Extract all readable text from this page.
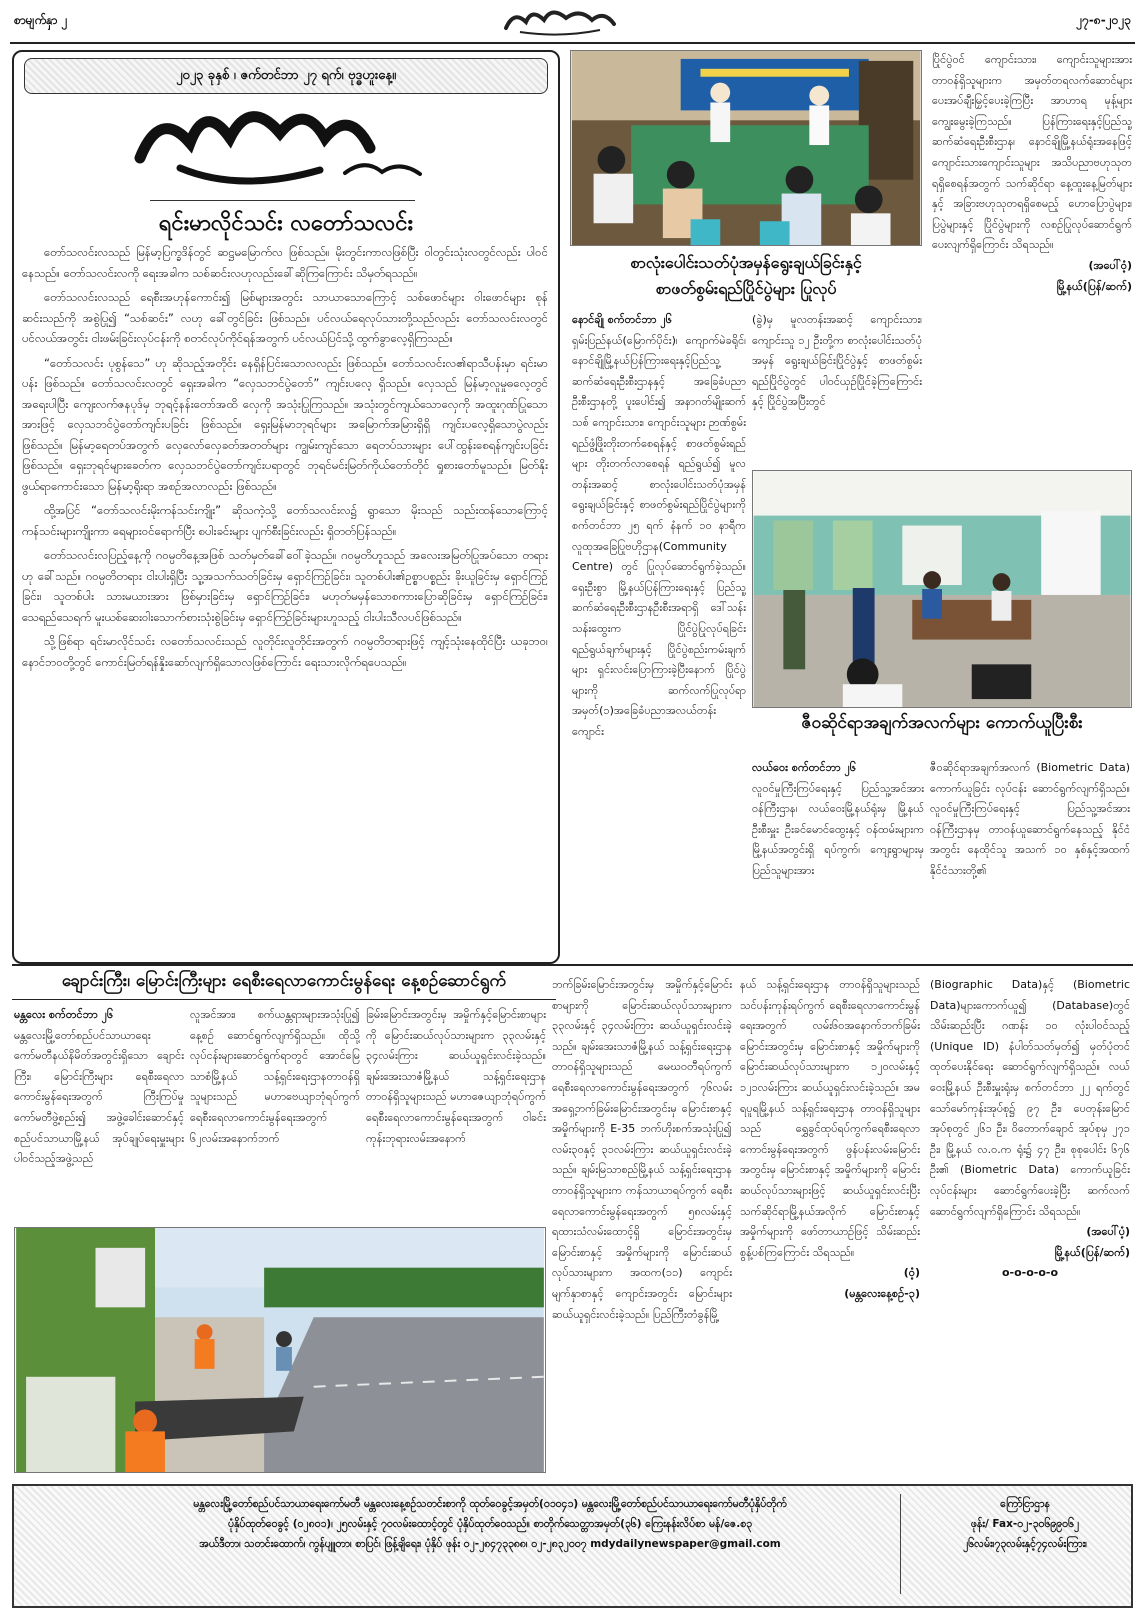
စာမျက်နှာ ၂	၂၇-၈-၂၀၂၃
၂၀၂၃ ခုနှစ် ၊ ဇက်တင်ဘာ ၂၇ ရက်၊ ဗုဒ္ဓဟူးနေ့။
ရင်းမာလိုင်သင်း လတော်သလင်း

တော်သလင်းလသည် မြန်မာ့ပြက္ခဒိန်တွင် ဆဋ္ဌမမြောက်လ ဖြစ်သည်။ မိုးတွင်းကာလဖြစ်ပြီး ဝါတွင်းသုံးလတွင်လည်း ပါဝင်နေသည်။ တော်သလင်းလကို ရေးအခါက သစ်ဆင်းလဟုလည်းခေါ်ဆိုကြကြောင်း သိမှတ်ရသည်။

တော်သလင်းလသည် ရေစီးအဟုန်ကောင်း၍ မြစ်များအတွင်း သာယာသောကြောင့် သစ်ဖောင်များ ဝါးဖောင်များ စုန်ဆင်းသည်ကို အစွဲပြု၍ “သစ်ဆင်း” လဟု ခေါ်တွင်ခြင်း ဖြစ်သည်။ ပင်လယ်ရေလုပ်သားတို့သည်လည်း တော်သလင်းလတွင် ပင်လယ်အတွင်း ငါးဖမ်းခြင်းလုပ်ငန်းကို စတင်လုပ်ကိုင်ရန်အတွက် ပင်လယ်ပြင်သို့ ထွက်ခွာလေ့ရှိကြသည်။

“တော်သလင်း ပုစွန်သေ” ဟု ဆိုသည့်အတိုင်း နေရှိန်ပြင်းသောလလည်း ဖြစ်သည်။ တော်သလင်းလ၏ရာသီပန်းမှာ ရင်းမာပန်း ဖြစ်သည်။ တော်သလင်းလတွင် ရှေးအခါက “လှေသဘင်ပွဲတော်” ကျင်းပလေ့ ရှိသည်။ လှေသည် မြန်မာ့လူမှုဓလေ့တွင် အရေးပါပြီး ကျေးလက်ဇနပုဒ်မှ ဘုရင့်နန်းတော်အထိ လှေကို အသုံးပြုကြသည်။ အသုံးတွင်ကျယ်သောလှေကို အထူးဂုဏ်ပြုသောအားဖြင့် လှေသဘင်ပွဲတော်ကျင်းပခြင်း ဖြစ်သည်။ ရှေးမြန်မာဘုရင်များ အမြောက်အမြားရှိရှိ ကျင်းပလေ့ရှိသောပွဲလည်း ဖြစ်သည်။ မြန်မာ့ရေတပ်အတွက် လှေလော်လှေခတ်အတတ်များ ကျွမ်းကျင်သော ရေတပ်သားများ ပေါ်ထွန်းစေရန်ကျင်းပခြင်း ဖြစ်သည်။ ရှေးဘုရင်များခေတ်က လှေသဘင်ပွဲတော်ကျင်းပရာတွင် ဘုရင်မင်းမြတ်ကိုယ်တော်တိုင် ရှုစားတော်မူသည်။ မြတ်နိုးဖွယ်ရာကောင်းသော မြန်မာ့ရိုးရာ အစဉ်အလာလည်း ဖြစ်သည်။

ထို့အပြင် “တော်သလင်းမိုးကန်သင်းကျိုး” ဆိုသကဲ့သို့ တော်သလင်းလ၌ ရွာသော မိုးသည် သည်းထန်သောကြောင့် ကန်သင်းများကျိုးကာ ရေများဝင်ရောက်ပြီး စပါးခင်းများ ပျက်စီးခြင်းလည်း ရှိတတ်ပြန်သည်။

တော်သလင်းလပြည့်နေ့ကို ဂဝမ္ပတိနေ့အဖြစ် သတ်မှတ်ခေါ်ဝေါ်ခဲ့သည်။ ဂဝမ္ပတိဟူသည် အလေးအမြတ်ပြုအပ်သော တရားဟု ခေါ်သည်။ ဂဝမ္ပတိတရား ငါးပါးရှိပြီး သူ့အသက်သတ်ခြင်းမှ ရှောင်ကြဉ်ခြင်း၊ သူတစ်ပါး၏ဥစ္စာပစ္စည်း ခိုးယူခြင်းမှ ရှောင်ကြဉ်ခြင်း၊ သူတစ်ပါး သားမယားအား ဖြစ်မှားခြင်းမှ ရှောင်ကြဉ်ခြင်း၊ မဟုတ်မမှန်သောစကားပြောဆိုခြင်းမှ ရှောင်ကြဉ်ခြင်း၊ သေရည်သေရက် မူးယစ်ဆေးဝါးသောက်စားသုံးစွဲခြင်းမှ ရှောင်ကြဉ်ခြင်းများဟူသည့် ငါးပါးသီလပင်ဖြစ်သည်။

သို့ဖြစ်ရာ ရင်းမာလိုင်သင်း လတော်သလင်းသည် လူတိုင်းလူတိုင်းအတွက် ဂဝမ္ပတိတရားဖြင့် ကျင့်သုံးနေထိုင်ပြီး ယခုဘဝ၊ နောင်ဘဝတို့တွင် ကောင်းမြတ်ရန်နှိုးဆော်လျက်ရှိသောလဖြစ်ကြောင်း ရေးသားလိုက်ရပေသည်။

စာလုံးပေါင်းသတ်ပုံအမှန်ရွေးချယ်ခြင်းနှင့်
စာဖတ်စွမ်းရည်ပြိုင်ပွဲများ ပြုလုပ်
နောင်ချို စက်တင်ဘာ ၂၆
ရှမ်းပြည်နယ်(မြောက်ပိုင်း)၊ ကျောက်မဲခရိုင်၊ နောင်ချိုမြို့နယ်ပြန်ကြားရေးနှင့်ပြည်သူ့ဆက်ဆံရေးဦးစီးဌာနနှင့် အခြေခံပညာဦးစီးဌာနတို့ ပူးပေါင်း၍ အနာဂတ်မျိုးဆက်သစ် ကျောင်းသား၊ ကျောင်းသူများ ဉာဏ်စွမ်းရည်ဖွံ့ဖြိုးတိုးတက်စေရန်နှင့် စာဖတ်စွမ်းရည်များ တိုးတက်လာစေရန် ရည်ရွယ်၍ မူလတန်းအဆင့် စာလုံးပေါင်းသတ်ပုံအမှန်ရွေးချယ်ခြင်းနှင့် စာဖတ်စွမ်းရည်ပြိုင်ပွဲများကို စက်တင်ဘာ ၂၅ ရက် နံနက် ၁၀ နာရီက လူထုအခြေပြုဗဟိုဌာန(Community Centre) တွင် ပြုလုပ်ဆောင်ရွက်ခဲ့သည်။ ရှေးဦးစွာ မြို့နယ်ပြန်ကြားရေးနှင့် ပြည်သူ့ဆက်ဆံရေးဦးစီးဌာနဦးစီးအရာရှိ ဒေါ်သန်းသန်းထွေးက ပြိုင်ပွဲပြုလုပ်ရခြင်း ရည်ရွယ်ချက်များနှင့် ပြိုင်ပွဲစည်းကမ်းချက်များ ရှင်းလင်းပြောကြားခဲ့ပြီးနောက် ပြိုင်ပွဲများကို ဆက်လက်ပြုလုပ်ရာ အမှတ်(၁)အခြေခံပညာအလယ်တန်းကျောင်း
(ခွဲ)မှ မူလတန်းအဆင့် ကျောင်းသား၊ ကျောင်းသူ ၁၂ ဦးတို့က စာလုံးပေါင်းသတ်ပုံအမှန် ရွေးချယ်ခြင်းပြိုင်ပွဲနှင့် စာဖတ်စွမ်းရည်ပြိုင်ပွဲတွင် ပါဝင်ယှဉ်ပြိုင်ခဲ့ကြကြောင်းနှင့် ပြိုင်ပွဲအပြီးတွင်
ပြိုင်ပွဲဝင် ကျောင်းသား၊ ကျောင်းသူများအား တာဝန်ရှိသူများက အမှတ်တရလက်ဆောင်များ ပေးအပ်ချီးမြှင့်ပေးခဲ့ကြပြီး အာဟာရ မုန့်များ ကျွေးမွေးခဲ့ကြသည်။ ပြန်ကြားရေးနှင့်ပြည်သူ့ဆက်ဆံရေးဦးစီးဌာန၊ နောင်ချိုမြို့နယ်ရုံးအနေဖြင့် ကျောင်းသားကျောင်းသူများ အသိပညာဗဟုသုတ ရရှိစေရန်အတွက် သက်ဆိုင်ရာ နေ့ထူးနေ့မြတ်များနှင့် အခြားဗဟုသုတရရှိစေမည့် ဟောပြောပွဲများ၊ ပြပွဲများနှင့် ပြိုင်ပွဲများကို လစဉ်ပြုလုပ်ဆောင်ရွက်ပေးလျက်ရှိကြောင်း သိရသည်။
(အပေါ်ဝံ့)
မြို့နယ်(ပြန်/ဆက်)
ဇီဝဆိုင်ရာအချက်အလက်များ ကောက်ယူပြီးစီး
လယ်ဝေး စက်တင်ဘာ ၂၆
လူဝင်မှုကြီးကြပ်ရေးနှင့် ပြည်သူ့အင်အားဝန်ကြီးဌာန၊ လယ်ဝေးမြို့နယ်ရုံးမှ မြို့နယ်ဦးစီးမှူး ဦးခင်မောင်ထွေးနှင့် ဝန်ထမ်းများက မြို့နယ်အတွင်းရှိ ရပ်ကွက်၊ ကျေးရွာများမှ ပြည်သူများအား
ဇီဝဆိုင်ရာအချက်အလက် (Biometric Data) ကောက်ယူခြင်း လုပ်ငန်း ဆောင်ရွက်လျက်ရှိသည်။ လူဝင်မှုကြီးကြပ်ရေးနှင့် ပြည်သူ့အင်အားဝန်ကြီးဌာနမှ တာဝန်ယူဆောင်ရွက်နေသည့် နိုင်ငံအတွင်း နေထိုင်သူ အသက် ၁၀ နှစ်နှင့်အထက် နိုင်ငံသားတို့၏
ချောင်းကြီး၊ မြောင်းကြီးများ ရေစီးရေလာကောင်းမွန်ရေး နေ့စဉ်ဆောင်ရွက်
မန္တလေး စက်တင်ဘာ ၂၆
မန္တလေးမြို့တော်စည်ပင်သာယာရေးကော်မတီနယ်နိမိတ်အတွင်းရှိသော ချောင်းကြီး၊ မြောင်းကြီးများ ရေစီးရေလာကောင်းမွန်ရေးအတွက် ကြီးကြပ်မှုကော်မတီဖွဲ့စည်း၍ အဖွဲ့ခေါင်းဆောင်နှင့် စည်ပင်သာယာမြို့နယ် အုပ်ချုပ်ရေးမှူးများပါဝင်သည့်အဖွဲ့သည်
လူအင်အား၊ စက်ယန္တရားများအသုံးပြု၍ နေ့စဉ် ဆောင်ရွက်လျက်ရှိသည်။ ထိုသို့လုပ်ငန်းများဆောင်ရွက်ရာတွင် အောင်မြေသာစံမြို့နယ် သန့်ရှင်းရေးဌာနတာဝန်ရှိသူများသည် မဟာဗေယျာဘုံရပ်ကွက် ရေစီးရေလာကောင်းမွန်ရေးအတွက် ၆၂လမ်းအနောက်ဘက်
ခြမ်းမြောင်းအတွင်းမှ အမှိုက်နှင့်မြောင်းစာများကို မြောင်းဆယ်လုပ်သားများက ၃၃လမ်းနှင့် ၃၄လမ်းကြား ဆယ်ယူရှင်းလင်းခဲ့သည်။ ချမ်းအေးသာဇံမြို့နယ် သန့်ရှင်းရေးဌာန တာဝန်ရှိသူများသည် မဟာဇေယျာဘုံရပ်ကွက် ရေစီးရေလာကောင်းမွန်ရေးအတွက် ဝါခင်းကုန်းဘုရားလမ်းအနောက်
ဘက်ခြမ်းမြောင်းအတွင်းမှ အမှိုက်နှင့်မြောင်းစာများကို မြောင်းဆယ်လုပ်သားများက ၃၃လမ်းနှင့် ၃၄လမ်းကြား ဆယ်ယူရှင်းလင်းခဲ့သည်။ ချမ်းအေးသာဇံမြို့နယ် သန့်ရှင်းရေးဌာန တာဝန်ရှိသူများသည် မေဃဝတီရပ်ကွက် ရေစီးရေလာကောင်းမွန်ရေးအတွက် ၇၆လမ်းအရှေ့ဘက်ခြမ်းမြောင်းအတွင်းမှ မြောင်းစာနှင့် အမှိုက်များကို E-35 ဘက်ဟိုးစက်အသုံးပြု၍ လမ်း၃၀နှင့် ၃၁လမ်းကြား ဆယ်ယူရှင်းလင်းခဲ့သည်။ ချမ်းမြသာစည်မြို့နယ် သန့်ရှင်းရေးဌာနတာဝန်ရှိသူများက ကန်သာယာရပ်ကွက် ရေစီးရေလာကောင်းမွန်ရေးအတွက် ၅၈လမ်းနှင့် ရထားသံလမ်းထောင့်ရှိ မြောင်းအတွင်းမှ မြောင်းစာနှင့် အမှိုက်များကို မြောင်းဆယ်လုပ်သားများက အထက(၁၁) ကျောင်းမျက်နှာစာနှင့် ကျောင်းအတွင်း မြောင်းများဆယ်ယူရှင်းလင်းခဲ့သည်။ ပြည်ကြီးတံခွန်မြို့
နယ် သန့်ရှင်းရေးဌာန တာဝန်ရှိသူများသည် သင်ပန်းကုန်းရပ်ကွက် ရေစီးရေလာကောင်းမွန်ရေးအတွက် လမ်း၆၀အနောက်ဘက်ခြမ်းမြောင်းအတွင်းမှ မြောင်းစာနှင့် အမှိုက်များကို မြောင်းဆယ်လုပ်သားများက ၁၂၀လမ်းနှင့် ၁၂၁လမ်းကြား ဆယ်ယူရှင်းလင်းခဲ့သည်။ အမရပူရမြို့နယ် သန့်ရှင်းရေးဌာန တာဝန်ရှိသူများသည် ရွှေခွင်ထုပ်ရပ်ကွက်ရေစီးရေလာကောင်းမွန်ရေးအတွက် ဖွန်ပန်းလမ်းမြောင်းအတွင်းမှ မြောင်းစာနှင့် အမှိုက်များကို မြောင်းဆယ်လုပ်သားများဖြင့် ဆယ်ယူရှင်းလင်းပြီး သက်ဆိုင်ရာမြို့နယ်အလိုက် မြောင်းစာနှင့် အမှိုက်များကို ဖော်တာယာဉ်ဖြင့် သိမ်းဆည်းစွန့်ပစ်ကြကြောင်း သိရသည်။
(ဝံ့)
(မန္တလေးနေ့စဉ်-၃)
(Biographic Data)နှင့် (Biometric Data)များကောက်ယူ၍ (Database)တွင် သိမ်းဆည်းပြီး ဂဏန်း ၁၀ လုံးပါဝင်သည့် (Unique ID) နံပါတ်သတ်မှတ်၍ မှတ်ပုံတင်ထုတ်ပေးနိုင်ရေး ဆောင်ရွက်လျက်ရှိသည်။ လယ်ဝေးမြို့နယ် ဦးစီးမှူးရုံးမှ စက်တင်ဘာ ၂၂ ရက်တွင် သော်မော်ကုန်းအုပ်စု၌ ၉၇ ဦး၊ ပေတုန်းမြောင် အုပ်စုတွင် ၂၆၁ ဦး၊ ဝိတောက်ချောင် အုပ်စုမှ ၂၇၁ ဦး၊ မြို့နယ် လ.ဝ.က ရုံး၌ ၄၇ ဦး၊ စုစုပေါင်း ၆၇၆ ဦး၏ (Biometric Data) ကောက်ယူခြင်းလုပ်ငန်းများ ဆောင်ရွက်ပေးခဲ့ပြီး ဆက်လက်ဆောင်ရွက်လျက်ရှိကြောင်း သိရသည်။
(အပေါ်ပံ့)
မြို့နယ်(ပြန်/ဆက်)
o-o-o-o-o
မန္တလေးမြို့တော်စည်ပင်သာယာရေးကော်မတီ မန္တလေးနေ့စဉ်သတင်းစာကို ထုတ်ဝေခွင့်အမှတ်(၀၁၀၄၁) မန္တလေးမြို့တော်စည်ပင်သာယာရေးကော်မတီပုံနှိပ်တိုက်
ပုံနှိပ်ထုတ်ဝေခွင့် (၀၂၈၀၁)၊ ၂၅လမ်းနှင့် ၇၀လမ်းထောင့်တွင် ပုံနှိပ်ထုတ်ဝေသည်။ စာတိုက်သေတ္တာအမှတ်(၃၆) ကြေးနန်းလိပ်စာ မန်/ဇေ.စ၃
အယ်ဒီတာ၊ သတင်းထောက်၊ ကွန်ပျူတာ၊ စာပြင်၊ ဖြန့်ချိရေး၊ ပုံနှိပ် ဖုန်း ၀၂-၂၈၄၇၃၃၈၈၊ ၀၂-၂၈၃၂၀၀၇ mdydailynewspaper@gmail.com
ကြော်ငြာဌာန
ဖုန်း/ Fax-၀၂-၃၀၆၉၉၀၆၂
၂၆လမ်း၊၇၃လမ်းနှင့်၇၄လမ်းကြား၊
